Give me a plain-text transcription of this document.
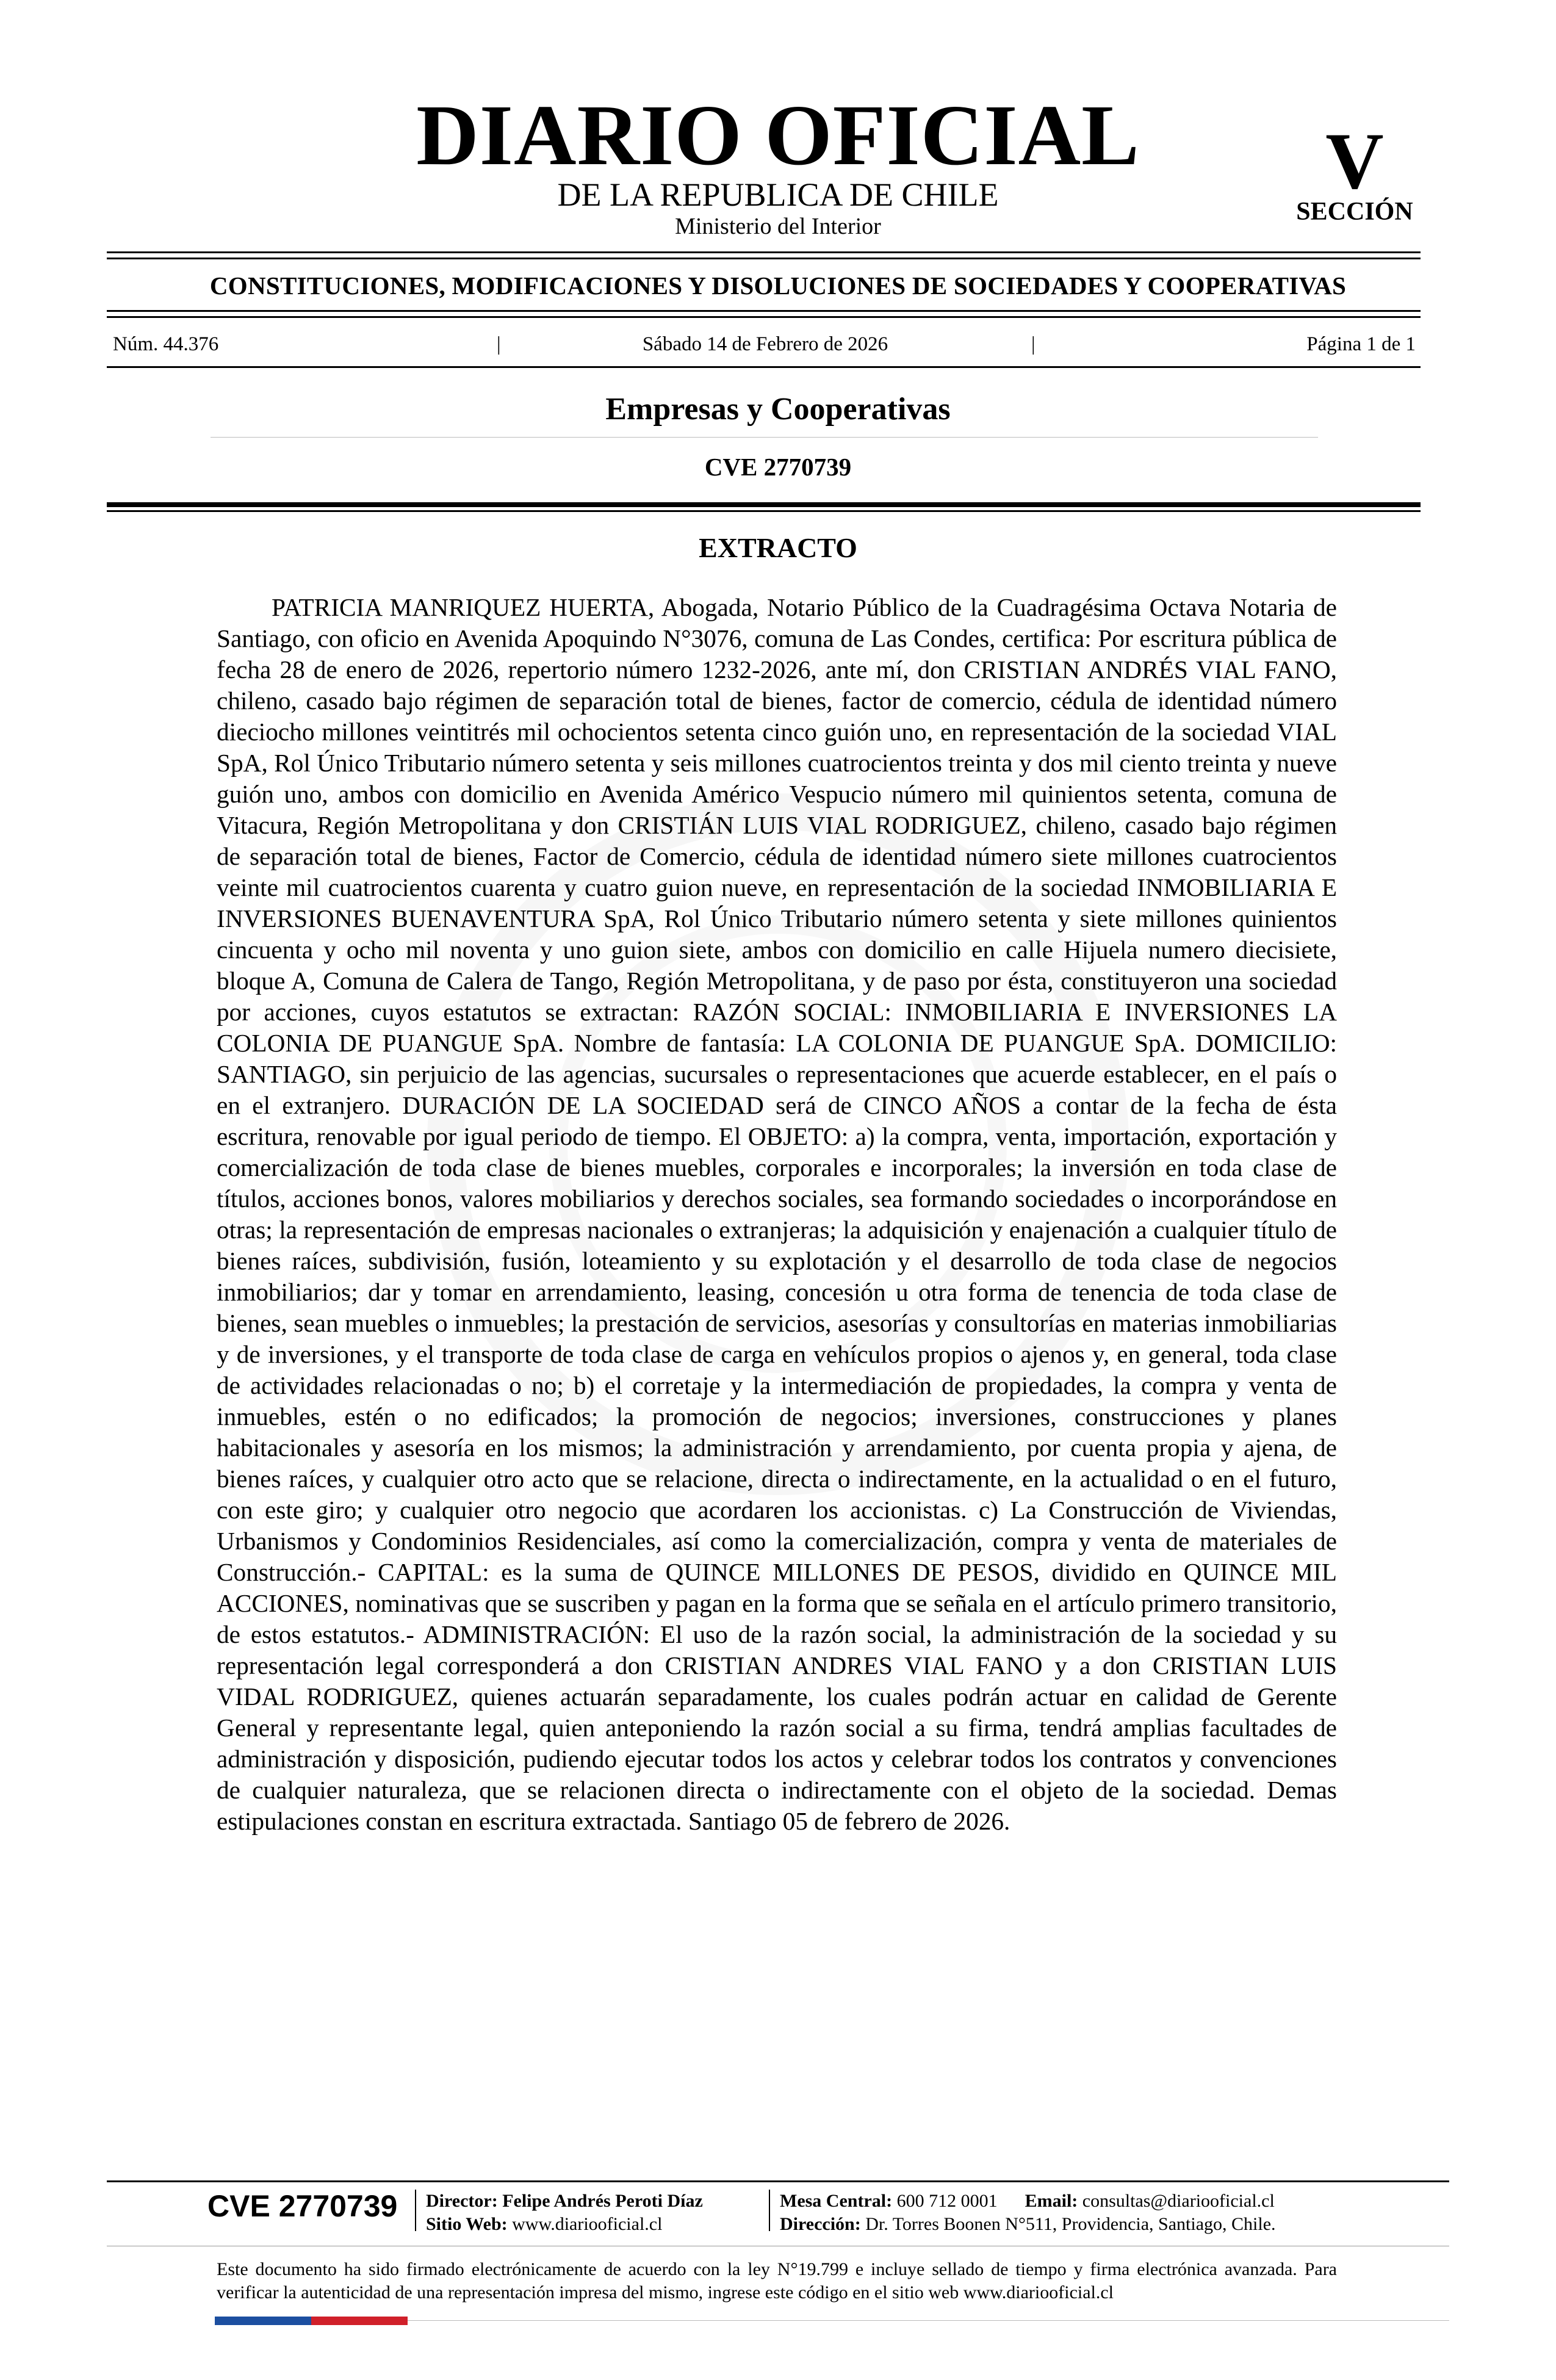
DIARIO OFICIAL
DE LA REPUBLICA DE CHILE
Ministerio del Interior
V
SECCIÓN
CONSTITUCIONES, MODIFICACIONES Y DISOLUCIONES DE SOCIEDADES Y COOPERATIVAS
Núm. 44.376	|	Sábado 14 de Febrero de 2026	|	Página 1 de 1
Empresas y Cooperativas
CVE 2770739
EXTRACTO
PATRICIA MANRIQUEZ HUERTA, Abogada, Notario Público de la Cuadragésima Octava Notaria de Santiago, con oficio en Avenida Apoquindo N°3076, comuna de Las Condes, certifica: Por escritura pública de fecha 28 de enero de 2026, repertorio número 1232-2026, ante mí, don CRISTIAN ANDRÉS VIAL FANO, chileno, casado bajo régimen de separación total de bienes, factor de comercio, cédula de identidad número dieciocho millones veintitrés mil ochocientos setenta cinco guión uno, en representación de la sociedad VIAL SpA, Rol Único Tributario número setenta y seis millones cuatrocientos treinta y dos mil ciento treinta y nueve guión uno, ambos con domicilio en Avenida Américo Vespucio número mil quinientos setenta, comuna de Vitacura, Región Metropolitana y don CRISTIÁN LUIS VIAL RODRIGUEZ, chileno, casado bajo régimen de separación total de bienes, Factor de Comercio, cédula de identidad número siete millones cuatrocientos veinte mil cuatrocientos cuarenta y cuatro guion nueve, en representación de la sociedad INMOBILIARIA E INVERSIONES BUENAVENTURA SpA, Rol Único Tributario número setenta y siete millones quinientos cincuenta y ocho mil noventa y uno guion siete, ambos con domicilio en calle Hijuela numero diecisiete, bloque A, Comuna de Calera de Tango, Región Metropolitana, y de paso por ésta, constituyeron una sociedad por acciones, cuyos estatutos se extractan: RAZÓN SOCIAL: INMOBILIARIA E INVERSIONES LA COLONIA DE PUANGUE SpA. Nombre de fantasía: LA COLONIA DE PUANGUE SpA. DOMICILIO: SANTIAGO, sin perjuicio de las agencias, sucursales o representaciones que acuerde establecer, en el país o en el extranjero. DURACIÓN DE LA SOCIEDAD será de CINCO AÑOS a contar de la fecha de ésta escritura, renovable por igual periodo de tiempo. El OBJETO: a) la compra, venta, importación, exportación y comercialización de toda clase de bienes muebles, corporales e incorporales; la inversión en toda clase de títulos, acciones bonos, valores mobiliarios y derechos sociales, sea formando sociedades o incorporándose en otras; la representación de empresas nacionales o extranjeras; la adquisición y enajenación a cualquier título de bienes raíces, subdivisión, fusión, loteamiento y su explotación y el desarrollo de toda clase de negocios inmobiliarios; dar y tomar en arrendamiento, leasing, concesión u otra forma de tenencia de toda clase de bienes, sean muebles o inmuebles; la prestación de servicios, asesorías y consultorías en materias inmobiliarias y de inversiones, y el transporte de toda clase de carga en vehículos propios o ajenos y, en general, toda clase de actividades relacionadas o no; b) el corretaje y la intermediación de propiedades, la compra y venta de inmuebles, estén o no edificados; la promoción de negocios; inversiones, construcciones y planes habitacionales y asesoría en los mismos; la administración y arrendamiento, por cuenta propia y ajena, de bienes raíces, y cualquier otro acto que se relacione, directa o indirectamente, en la actualidad o en el futuro, con este giro; y cualquier otro negocio que acordaren los accionistas. c) La Construcción de Viviendas, Urbanismos y Condominios Residenciales, así como la comercialización, compra y venta de materiales de Construcción.- CAPITAL: es la suma de QUINCE MILLONES DE PESOS, dividido en QUINCE MIL ACCIONES, nominativas que se suscriben y pagan en la forma que se señala en el artículo primero transitorio, de estos estatutos.- ADMINISTRACIÓN: El uso de la razón social, la administración de la sociedad y su representación legal corresponderá a don CRISTIAN ANDRES VIAL FANO y a don CRISTIAN LUIS VIDAL RODRIGUEZ, quienes actuarán separadamente, los cuales podrán actuar en calidad de Gerente General y representante legal, quien anteponiendo la razón social a su firma, tendrá amplias facultades de administración y disposición, pudiendo ejecutar todos los actos y celebrar todos los contratos y convenciones de cualquier naturaleza, que se relacionen directa o indirectamente con el objeto de la sociedad. Demas estipulaciones constan en escritura extractada. Santiago 05 de febrero de 2026.
CVE 2770739 Director: Felipe Andrés Peroti Díaz
Sitio Web: www.diariooficial.cl
Mesa Central: 600 712 0001 Email: consultas@diariooficial.cl
Dirección: Dr. Torres Boonen N°511, Providencia, Santiago, Chile.
Este documento ha sido firmado electrónicamente de acuerdo con la ley N°19.799 e incluye sellado de tiempo y firma electrónica avanzada. Para verificar la autenticidad de una representación impresa del mismo, ingrese este código en el sitio web www.diariooficial.cl
